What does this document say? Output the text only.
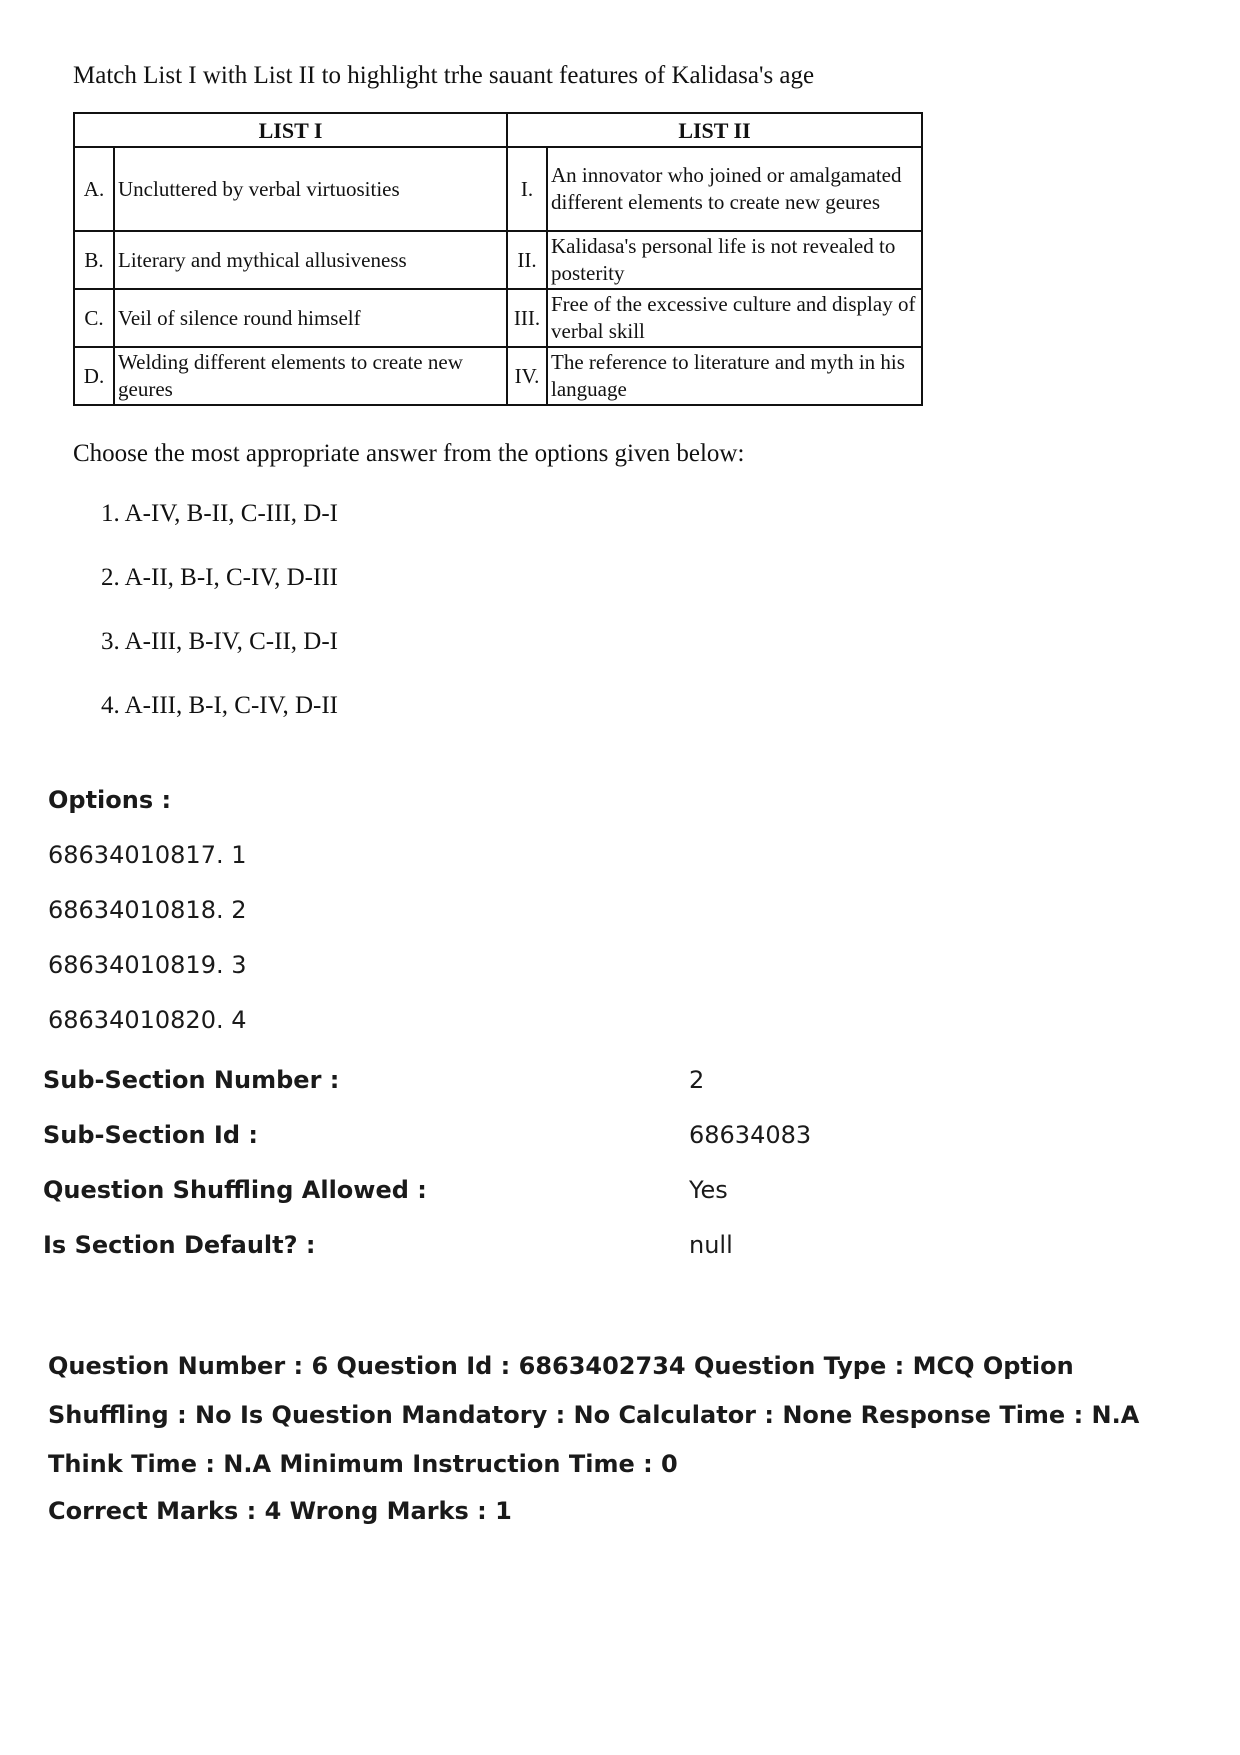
Match List I with List II to highlight trhe sauant features of Kalidasa's age

LIST I		LIST II	
A.	Uncluttered by verbal virtuosities	I.	An innovator who joined or amalgamated different elements to create new geures
B.	Literary and mythical allusiveness	II.	Kalidasa's personal life is not revealed to posterity
C.	Veil of silence round himself	III.	Free of the excessive culture and display of verbal skill
D.	Welding different elements to create new geures	IV.	The reference to literature and myth in his language

Choose the most appropriate answer from the options given below:

1. A-IV, B-II, C-III, D-I
2. A-II, B-I, C-IV, D-III
3. A-III, B-IV, C-II, D-I
4. A-III, B-I, C-IV, D-II
Options :
68634010817. 1
68634010818. 2
68634010819. 3
68634010820. 4
Sub-Section Number :	2
Sub-Section Id :	68634083
Question Shuffling Allowed :	Yes
Is Section Default? :	null
Question Number : 6 Question Id : 6863402734 Question Type : MCQ Option Shuffling : No Is Question Mandatory : No Calculator : None Response Time : N.A Think Time : N.A Minimum Instruction Time : 0
Correct Marks : 4 Wrong Marks : 1
